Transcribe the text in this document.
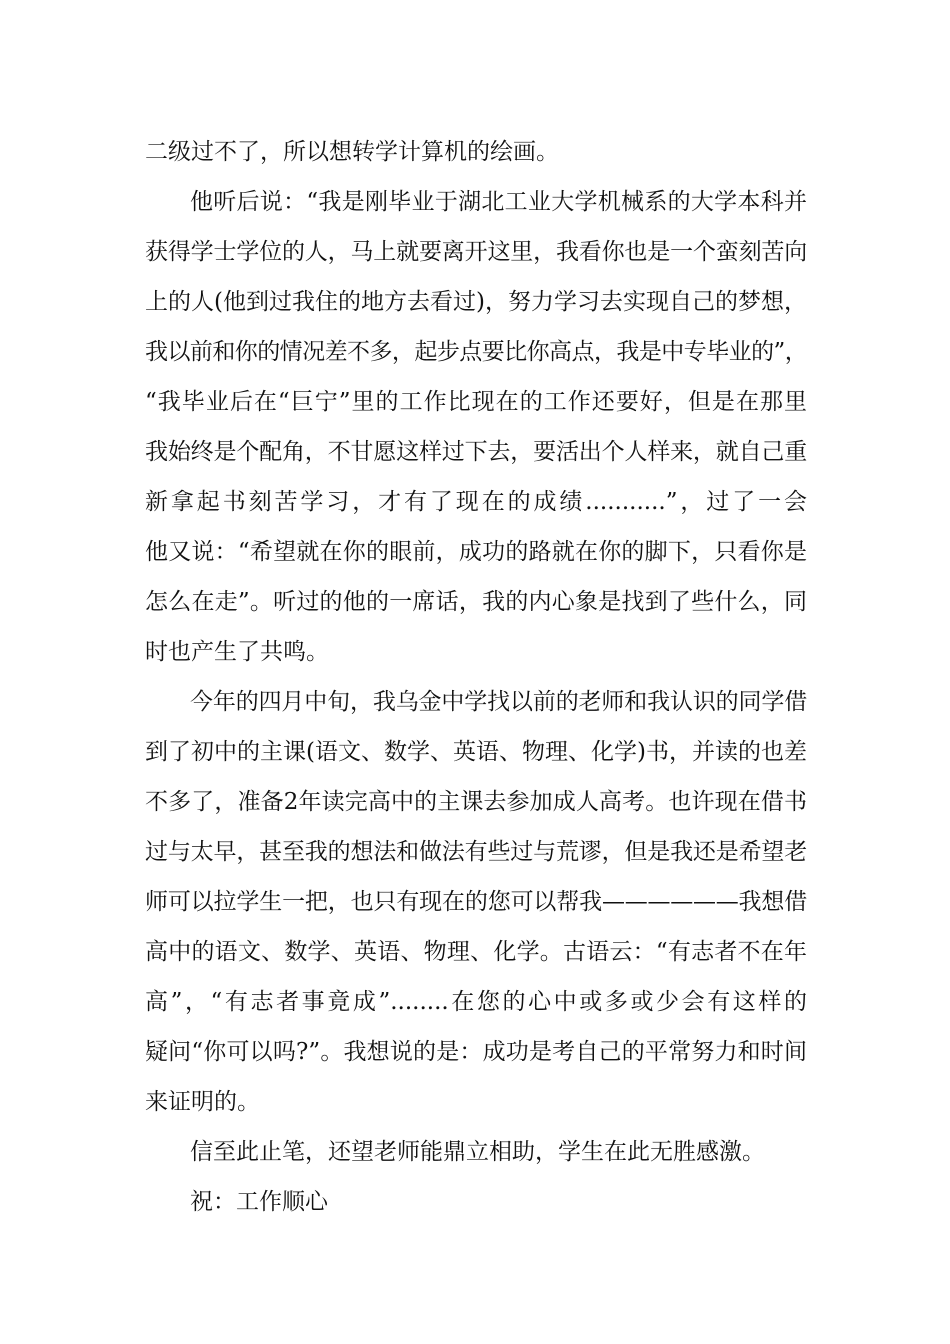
二级过不了，所以想转学计算机的绘画。
他听后说：“我是刚毕业于湖北工业大学机械系的大学本科并
获得学士学位的人，马上就要离开这里，我看你也是一个蛮刻苦向
上的人(他到过我住的地方去看过)，努力学习去实现自己的梦想，
我以前和你的情况差不多，起步点要比你高点，我是中专毕业的”，
“我毕业后在“巨宁”里的工作比现在的工作还要好，但是在那里
我始终是个配角，不甘愿这样过下去，要活出个人样来，就自己重
新拿起书刻苦学习，才有了现在的成绩...........”，过了一会
他又说：“希望就在你的眼前，成功的路就在你的脚下，只看你是
怎么在走”。听过的他的一席话，我的内心象是找到了些什么，同
时也产生了共鸣。
今年的四月中旬，我乌金中学找以前的老师和我认识的同学借
到了初中的主课(语文、数学、英语、物理、化学)书，并读的也差
不多了，准备2年读完高中的主课去参加成人高考。也许现在借书
过与太早，甚至我的想法和做法有些过与荒谬，但是我还是希望老
师可以拉学生一把，也只有现在的您可以帮我——————我想借
高中的语文、数学、英语、物理、化学。古语云：“有志者不在年
高”，“有志者事竟成”........在您的心中或多或少会有这样的
疑问“你可以吗?”。我想说的是：成功是考自己的平常努力和时间
来证明的。
信至此止笔，还望老师能鼎立相助，学生在此无胜感激。
祝：工作顺心
